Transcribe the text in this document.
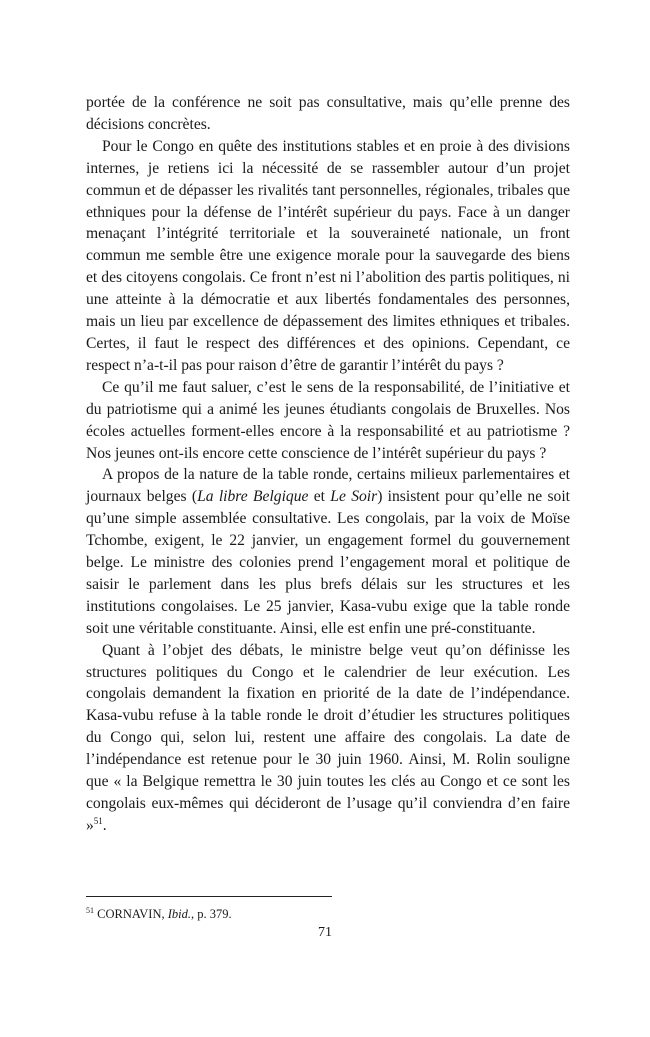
portée de la conférence ne soit pas consultative, mais qu’elle prenne des décisions concrètes.

Pour le Congo en quête des institutions stables et en proie à des divisions internes, je retiens ici la nécessité de se rassembler autour d’un projet commun et de dépasser les rivalités tant personnelles, régionales, tribales que ethniques pour la défense de l’intérêt supérieur du pays. Face à un danger menaçant l’intégrité territoriale et la souveraineté nationale, un front commun me semble être une exigence morale pour la sauvegarde des biens et des citoyens congolais. Ce front n’est ni l’abolition des partis politiques, ni une atteinte à la démocratie et aux libertés fondamentales des personnes, mais un lieu par excellence de dépassement des limites ethniques et tribales. Certes, il faut le respect des différences et des opinions. Cependant, ce respect n’a-t-il pas pour raison d’être de garantir l’intérêt du pays ?

Ce qu’il me faut saluer, c’est le sens de la responsabilité, de l’initiative et du patriotisme qui a animé les jeunes étudiants congolais de Bruxelles. Nos écoles actuelles forment-elles encore à la responsabilité et au patriotisme ? Nos jeunes ont-ils encore cette conscience de l’intérêt supérieur du pays ?

A propos de la nature de la table ronde, certains milieux parlementaires et journaux belges (La libre Belgique et Le Soir) insistent pour qu’elle ne soit qu’une simple assemblée consultative. Les congolais, par la voix de Moïse Tchombe, exigent, le 22 janvier, un engagement formel du gouvernement belge. Le ministre des colonies prend l’engagement moral et politique de saisir le parlement dans les plus brefs délais sur les structures et les institutions congolaises. Le 25 janvier, Kasa-vubu exige que la table ronde soit une véritable constituante. Ainsi, elle est enfin une pré-constituante.

Quant à l’objet des débats, le ministre belge veut qu’on définisse les structures politiques du Congo et le calendrier de leur exécution. Les congolais demandent la fixation en priorité de la date de l’indépendance. Kasa-vubu refuse à la table ronde le droit d’étudier les structures politiques du Congo qui, selon lui, restent une affaire des congolais. La date de l’indépendance est retenue pour le 30 juin 1960. Ainsi, M. Rolin souligne que « la Belgique remettra le 30 juin toutes les clés au Congo et ce sont les congolais eux-mêmes qui décideront de l’usage qu’il conviendra d’en faire »$^{51}$.

$^{51}$ CORNAVIN, Ibid., p. 379.
71
